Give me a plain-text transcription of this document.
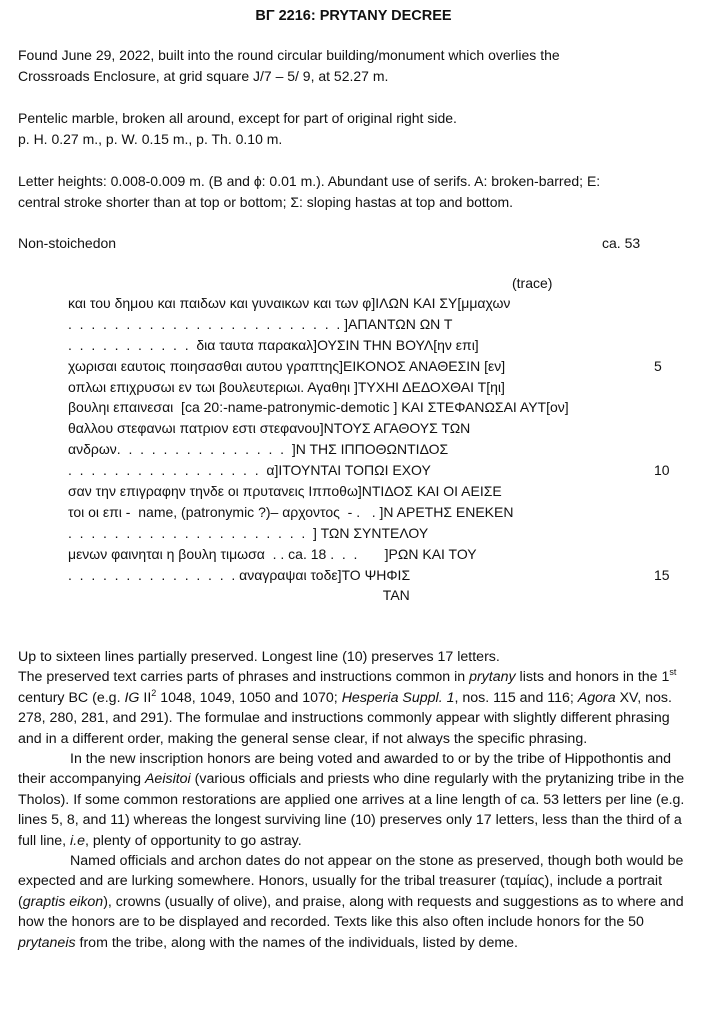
ΒΓ 2216: PRYTANY DECREE

Found June 29, 2022, built into the round circular building/monument which overlies the
Crossroads Enclosure, at grid square J/7 – 5/ 9, at 52.27 m.

Pentelic marble, broken all around, except for part of original right side.
p. H. 0.27 m., p. W. 0.15 m., p. Th. 0.10 m.

Letter heights: 0.008-0.009 m. (B and ϕ: 0.01 m.). Abundant use of serifs. A: broken-barred; E:
central stroke shorter than at top or bottom; Σ: sloping hastas at top and bottom.

Non-stoichedon	ca. 53
(trace)
και του δημου και παιδων και γυναικων και των φ]ΙΛΩΝ ΚΑΙ ΣΥ[μμαχων
.  .  .  .  .  .  .  .  .  .  .  .  .  .  .  .  .  .  .  .  .  .  .  . ]ΑΠΑΝΤΩΝ ΩΝ Τ
.  .  .  .  .  .  .  .  .  .  .  δια ταυτα παρακαλ]ΟΥΣΙΝ ΤΗΝ ΒΟΥΛ[ην επι]
χωρισαι εαυτοις ποιησασθαι αυτου γραπτης]ΕΙΚΟΝΟΣ ΑΝΑΘΕΣΙΝ [εν]
οπλωι επιχρυσωι εν τωι βουλευτεριωι. Αγαθηι ]ΤΥΧΗΙ ΔΕΔΟΧΘΑΙ Τ[ηι]
βουληι επαινεσαι  [ca 20:-name-patronymic-demotic ] ΚΑΙ ΣΤΕΦΑΝΩΣΑΙ ΑΥΤ[ον]
θαλλου στεφανωι πατριον εστι στεφανου]ΝΤΟΥΣ ΑΓΑΘΟΥΣ ΤΩΝ
ανδρων.  .  .  .  .  .  .  .  .  .  .  .  .  .  .  ]Ν ΤΗΣ ΙΠΠΟΘΩΝΤΙΔΟΣ
.  .  .  .  .  .  .  .  .  .  .  .  .  .  .  .  .  α]ΙΤΟΥΝΤΑΙ ΤΟΠΩΙ ΕΧΟΥ
σαν την επιγραφην τηνδε οι πρυτανεις Ιπποθω]ΝΤΙΔΟΣ ΚΑΙ ΟΙ ΑΕΙΣΕ
τοι οι επι -  name, (patronymic ?)– αρχοντος  - .   . ]Ν ΑΡΕΤΗΣ ΕΝΕΚΕΝ
.  .  .  .  .  .  .  .  .  .  .  .  .  .  .  .  .  .  .  .  .  ] ΤΩΝ ΣΥΝΤΕΛΟΥ
μενων φαινηται η βουλη τιμωσα  . . ca. 18 .  .  .       ]ΡΩΝ ΚΑΙ ΤΟΥ
.  .  .  .  .  .  .  .  .  .  .  .  .  .  . αναγραψαι τοδε]ΤΟ ΨΗΦΙΣ
ΤΑΝ
5
10
15

Up to sixteen lines partially preserved. Longest line (10) preserves 17 letters.

The preserved text carries parts of phrases and instructions common in prytany lists and honors in the 1st century BC (e.g. IG $II^2$ 1048, 1049, 1050 and 1070; Hesperia Suppl. 1, nos. 115 and 116; Agora XV, nos. 278, 280, 281, and 291). The formulae and instructions commonly appear with slightly different phrasing and in a different order, making the general sense clear, if not always the specific phrasing.

In the new inscription honors are being voted and awarded to or by the tribe of Hippothontis and their accompanying Aeisitoi (various officials and priests who dine regularly with the prytanizing tribe in the Tholos). If some common restorations are applied one arrives at a line length of ca. 53 letters per line (e.g. lines 5, 8, and 11) whereas the longest surviving line (10) preserves only 17 letters, less than the third of a full line, i.e, plenty of opportunity to go astray.

Named officials and archon dates do not appear on the stone as preserved, though both would be expected and are lurking somewhere. Honors, usually for the tribal treasurer (ταμίας), include a portrait (graptis eikon), crowns (usually of olive), and praise, along with requests and suggestions as to where and how the honors are to be displayed and recorded. Texts like this also often include honors for the 50 prytaneis from the tribe, along with the names of the individuals, listed by deme.
